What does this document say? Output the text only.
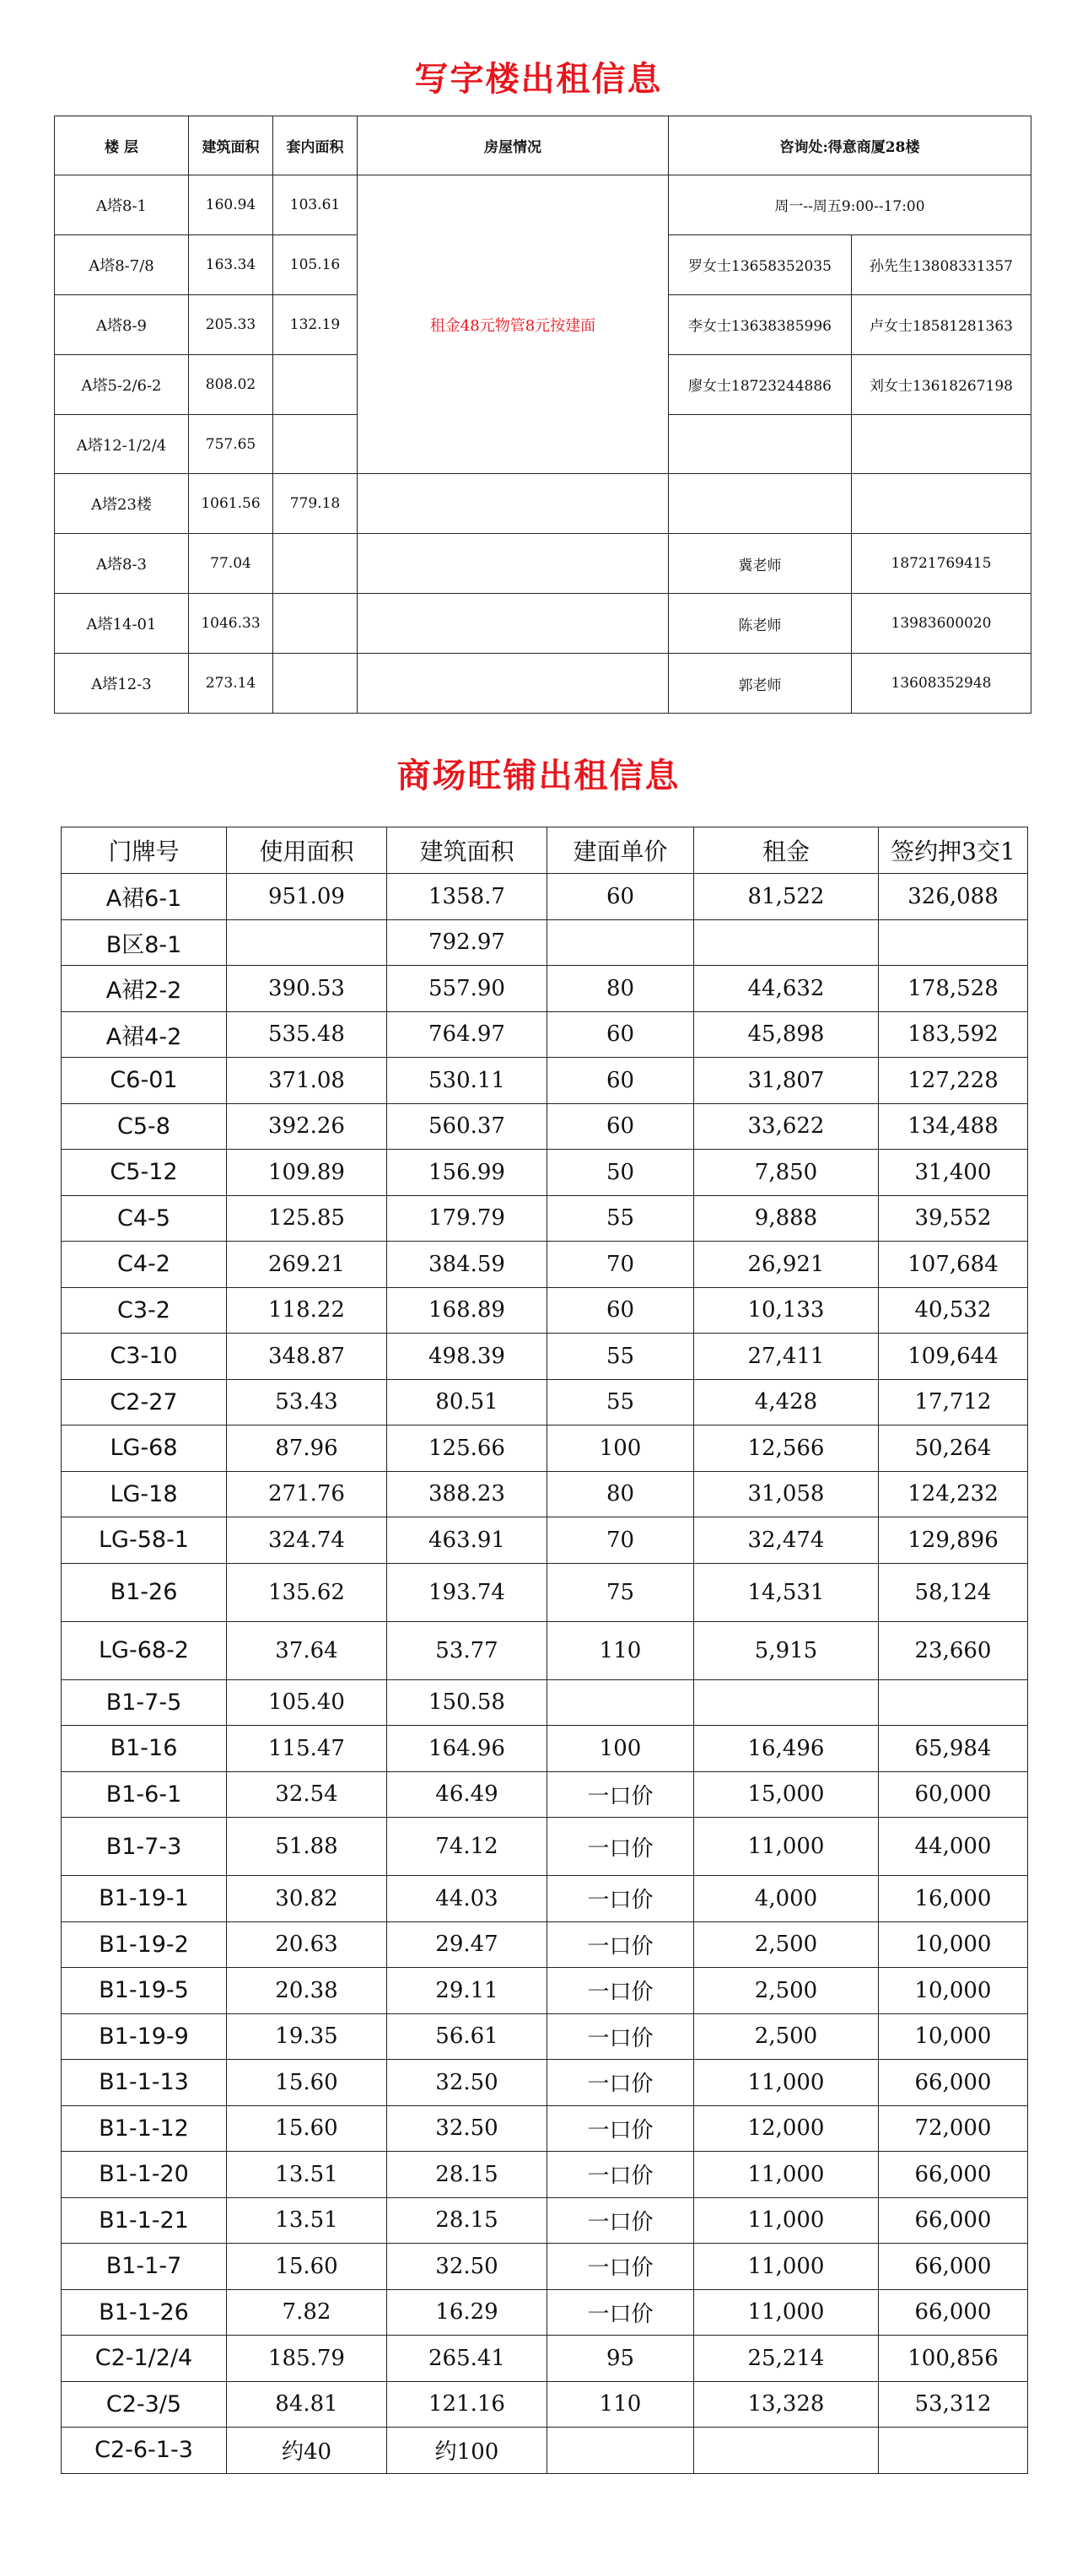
写字楼出租信息
楼 层	建筑面积	套内面积	房屋情况	咨询处:得意商厦28楼	
A塔8-1	160.94	103.61	租金48元物管8元按建面	周一--周五9:00--17:00	
A塔8-7/8	163.34	105.16		罗女士13658352035	孙先生13808331357
A塔8-9	205.33	132.19		李女士13638385996	卢女士18581281363
A塔5-2/6-2	808.02			廖女士18723244886	刘女士13618267198
A塔12-1/2/4	757.65				
A塔23楼	1061.56	779.18			
A塔8-3	77.04			冀老师	18721769415
A塔14-01	1046.33			陈老师	13983600020
A塔12-3	273.14			郭老师	13608352948
商场旺铺出租信息
门牌号	使用面积	建筑面积	建面单价	租金	签约押3交1
A裙6-1	951.09	1358.7	60	81,522	326,088
B区8-1		792.97			
A裙2-2	390.53	557.90	80	44,632	178,528
A裙4-2	535.48	764.97	60	45,898	183,592
C6-01	371.08	530.11	60	31,807	127,228
C5-8	392.26	560.37	60	33,622	134,488
C5-12	109.89	156.99	50	7,850	31,400
C4-5	125.85	179.79	55	9,888	39,552
C4-2	269.21	384.59	70	26,921	107,684
C3-2	118.22	168.89	60	10,133	40,532
C3-10	348.87	498.39	55	27,411	109,644
C2-27	53.43	80.51	55	4,428	17,712
LG-68	87.96	125.66	100	12,566	50,264
LG-18	271.76	388.23	80	31,058	124,232
LG-58-1	324.74	463.91	70	32,474	129,896
B1-26	135.62	193.74	75	14,531	58,124
LG-68-2	37.64	53.77	110	5,915	23,660
B1-7-5	105.40	150.58			
B1-16	115.47	164.96	100	16,496	65,984
B1-6-1	32.54	46.49	一口价	15,000	60,000
B1-7-3	51.88	74.12	一口价	11,000	44,000
B1-19-1	30.82	44.03	一口价	4,000	16,000
B1-19-2	20.63	29.47	一口价	2,500	10,000
B1-19-5	20.38	29.11	一口价	2,500	10,000
B1-19-9	19.35	56.61	一口价	2,500	10,000
B1-1-13	15.60	32.50	一口价	11,000	66,000
B1-1-12	15.60	32.50	一口价	12,000	72,000
B1-1-20	13.51	28.15	一口价	11,000	66,000
B1-1-21	13.51	28.15	一口价	11,000	66,000
B1-1-7	15.60	32.50	一口价	11,000	66,000
B1-1-26	7.82	16.29	一口价	11,000	66,000
C2-1/2/4	185.79	265.41	95	25,214	100,856
C2-3/5	84.81	121.16	110	13,328	53,312
C2-6-1-3	约40	约100			
